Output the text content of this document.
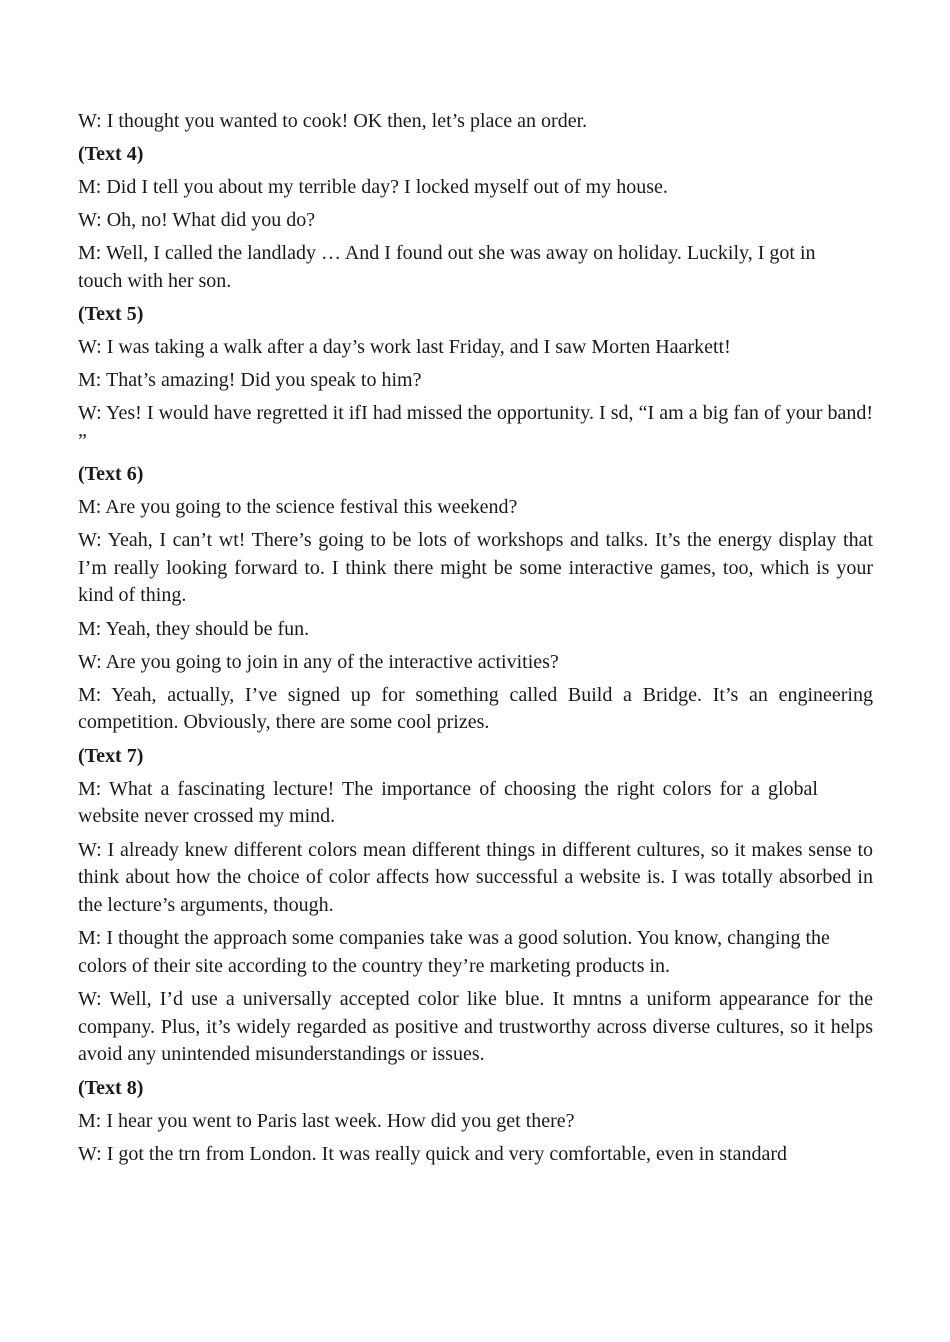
W: I thought you wanted to cook! OK then, let’s place an order.

(Text 4)

M: Did I tell you about my terrible day? I locked myself out of my house.

W: Oh, no! What did you do?

M: Well, I called the landlady … And I found out she was away on holiday. Luckily, I got in touch with her son.

(Text 5)

W: I was taking a walk after a day’s work last Friday, and I saw Morten Haarkett!

M: That’s amazing! Did you speak to him?

W: Yes! I would have regretted it ifI had missed the opportunity. I sd, “I am a big fan of your band! ”

(Text 6)

M: Are you going to the science festival this weekend?

W: Yeah, I can’t wt! There’s going to be lots of workshops and talks. It’s the energy display that I’m really looking forward to. I think there might be some interactive games, too, which is your kind of thing.

M: Yeah, they should be fun.

W: Are you going to join in any of the interactive activities?

M: Yeah, actually, I’ve signed up for something called Build a Bridge. It’s an engineering competition. Obviously, there are some cool prizes.

(Text 7)

M: What a fascinating lecture! The importance of choosing the right colors for a global website never crossed my mind.

W: I already knew different colors mean different things in different cultures, so it makes sense to think about how the choice of color affects how successful a website is. I was totally absorbed in the lecture’s arguments, though.

M: I thought the approach some companies take was a good solution. You know, changing the colors of their site according to the country they’re marketing products in.

W: Well, I’d use a universally accepted color like blue. It mntns a uniform appearance for the company. Plus, it’s widely regarded as positive and trustworthy across diverse cultures, so it helps avoid any unintended misunderstandings or issues.

(Text 8)

M: I hear you went to Paris last week. How did you get there?

W: I got the trn from London. It was really quick and very comfortable, even in standard
